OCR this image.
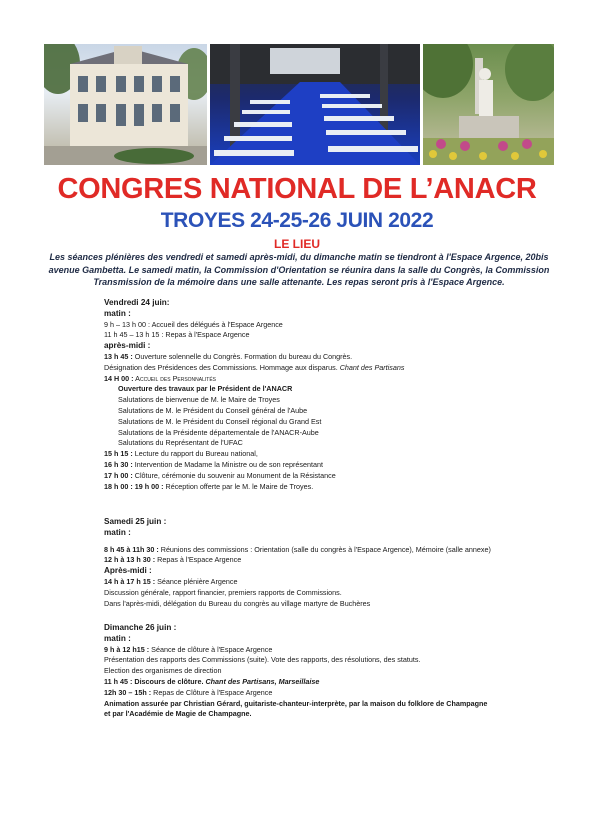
CONGRES NATIONAL DE L’ANACR
TROYES 24-25-26 JUIN 2022
LE LIEU

Les séances plénières des vendredi et samedi après-midi, du dimanche matin se tiendront à l'Espace Argence, 20bis avenue Gambetta. Le samedi matin, la Commission d'Orientation se réunira dans la salle du Congrès, la Commission Transmission de la mémoire dans une salle attenante. Les repas seront pris à l'Espace Argence.

Vendredi 24 juin:
matin :
9 h – 13 h 00 : Accueil des délégués à l'Espace Argence
11 h 45 – 13 h 15 : Repas à l'Espace Argence
après-midi :
13 h 45 : Ouverture solennelle du Congrès. Formation du bureau du Congrès.
Désignation des Présidences des Commissions. Hommage aux disparus. Chant des Partisans
14 H 00 : Accueil des Personnalités
Ouverture des travaux par le Président de l'ANACR
Salutations de bienvenue de M. le Maire de Troyes
Salutations de M. le Président du Conseil général de l'Aube
Salutations de M. le Président du Conseil régional du Grand Est
Salutations de la Présidente départementale de l'ANACR-Aube
Salutations du Représentant de l'UFAC
15 h 15 : Lecture du rapport du Bureau national,
16 h 30 : Intervention de Madame la Ministre ou de son représentant
17 h 00 : Clôture, cérémonie du souvenir au Monument de la Résistance
18 h 00 : 19 h 00 : Réception offerte par le M. le Maire de Troyes.
Samedi 25 juin :
matin :
8 h 45 à 11h 30 : Réunions des commissions : Orientation (salle du congrès à l'Espace Argence), Mémoire (salle annexe)
12 h à 13 h 30 : Repas à l'Espace Argence
Après-midi :
14 h à 17 h 15 : Séance plénière Argence
Discussion générale, rapport financier, premiers rapports de Commissions.
Dans l'après-midi, délégation du Bureau du congrès au village martyre de Buchères
Dimanche 26 juin :
matin :
9 h à 12 h15 : Séance de clôture à l'Espace Argence
Présentation des rapports des Commissions (suite). Vote des rapports, des résolutions, des statuts.
Election des organismes de direction
11 h 45 : Discours de clôture. Chant des Partisans, Marseillaise
12h 30 – 15h : Repas de Clôture à l'Espace Argence
Animation assurée par Christian Gérard, guitariste-chanteur-interprète, par la maison du folklore de Champagne
et par l'Académie de Magie de Champagne.
